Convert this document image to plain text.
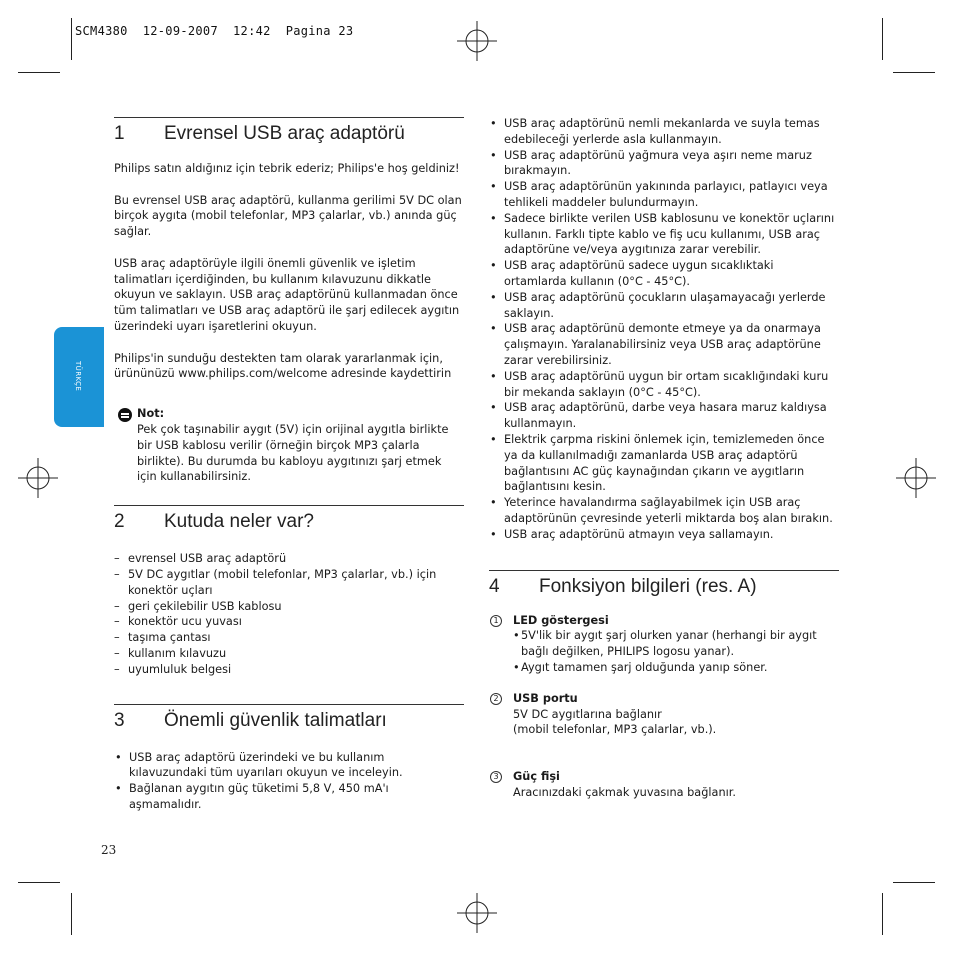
SCM4380  12-09-2007  12:42  Pagina 23
TÜRKÇE
23
1	Evrensel USB araç adaptörü

Philips satın aldığınız için tebrik ederiz; Philips'e hoş geldiniz!

Bu evrensel USB araç adaptörü, kullanma gerilimi 5V DC olan birçok aygıta (mobil telefonlar, MP3 çalarlar, vb.) anında güç sağlar.

USB araç adaptörüyle ilgili önemli güvenlik ve işletim talimatları içerdiğinden, bu kullanım kılavuzunu dikkatle okuyun ve saklayın. USB araç adaptörünü kullanmadan önce tüm talimatları ve USB araç adaptörü ile şarj edilecek aygıtın üzerindeki uyarı işaretlerini okuyun.

Philips'in sunduğu destekten tam olarak yararlanmak için, ürününüzü www.philips.com/welcome adresinde kaydettirin

Not:
Pek çok taşınabilir aygıt (5V) için orijinal aygıtla birlikte bir USB kablosu verilir (örneğin birçok MP3 çalarla birlikte). Bu durumda bu kabloyu aygıtınızı şarj etmek için kullanabilirsiniz.
2	Kutuda neler var?
– evrensel USB araç adaptörü
– 5V DC aygıtlar (mobil telefonlar, MP3 çalarlar, vb.) için konektör uçları
– geri çekilebilir USB kablosu
– konektör ucu yuvası
– taşıma çantası
– kullanım kılavuzu
– uyumluluk belgesi
3	Önemli güvenlik talimatları
• USB araç adaptörü üzerindeki ve bu kullanım kılavuzundaki tüm uyarıları okuyun ve inceleyin.
• Bağlanan aygıtın güç tüketimi 5,8 V, 450 mA'ı aşmamalıdır.
• USB araç adaptörünü nemli mekanlarda ve suyla temas edebileceği yerlerde asla kullanmayın.
• USB araç adaptörünü yağmura veya aşırı neme maruz bırakmayın.
• USB araç adaptörünün yakınında parlayıcı, patlayıcı veya tehlikeli maddeler bulundurmayın.
• Sadece birlikte verilen USB kablosunu ve konektör uçlarını kullanın. Farklı tipte kablo ve fiş ucu kullanımı, USB araç adaptörüne ve/veya aygıtınıza zarar verebilir.
• USB araç adaptörünü sadece uygun sıcaklıktaki ortamlarda kullanın (0°C - 45°C).
• USB araç adaptörünü çocukların ulaşamayacağı yerlerde saklayın.
• USB araç adaptörünü demonte etmeye ya da onarmaya çalışmayın. Yaralanabilirsiniz veya USB araç adaptörüne zarar verebilirsiniz.
• USB araç adaptörünü uygun bir ortam sıcaklığındaki kuru bir mekanda saklayın (0°C - 45°C).
• USB araç adaptörünü, darbe veya hasara maruz kaldıysa kullanmayın.
• Elektrik çarpma riskini önlemek için, temizlemeden önce ya da kullanılmadığı zamanlarda USB araç adaptörü bağlantısını AC güç kaynağından çıkarın ve aygıtların bağlantısını kesin.
• Yeterince havalandırma sağlayabilmek için USB araç adaptörünün çevresinde yeterli miktarda boş alan bırakın.
• USB araç adaptörünü atmayın veya sallamayın.
4	Fonksiyon bilgileri (res. A)
1	LED göstergesi
• 5V'lik bir aygıt şarj olurken yanar (herhangi bir aygıt bağlı değilken, PHILIPS logosu yanar).
• Aygıt tamamen şarj olduğunda yanıp söner.
2	USB portu
5V DC aygıtlarına bağlanır
(mobil telefonlar, MP3 çalarlar, vb.).
3	Güç fişi
Aracınızdaki çakmak yuvasına bağlanır.
